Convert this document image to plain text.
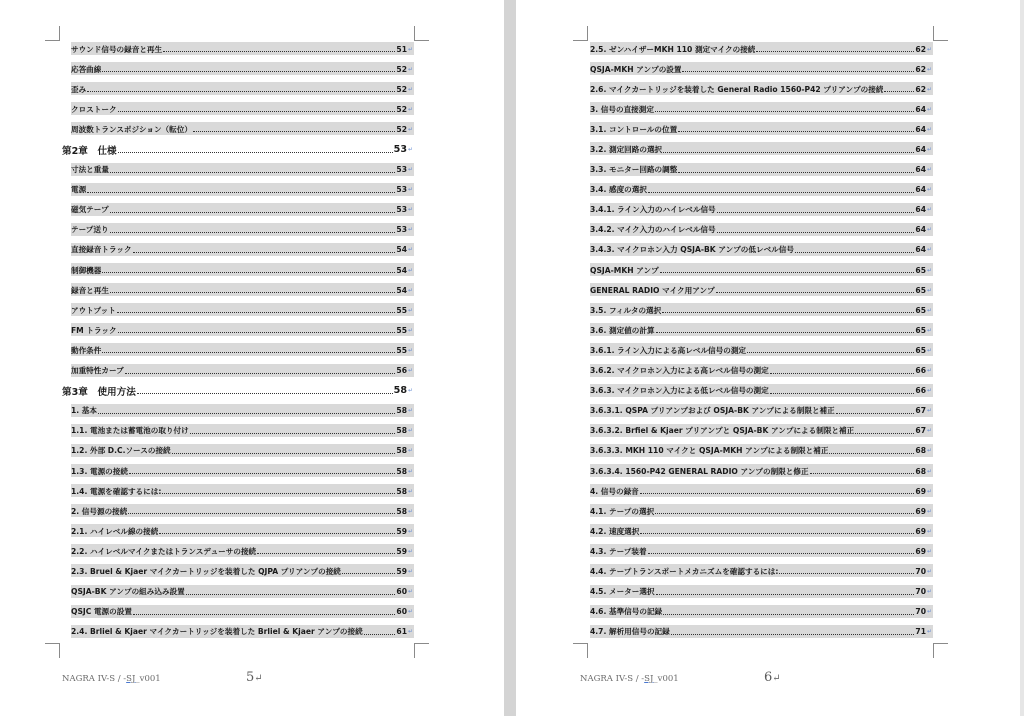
サウンド信号の録音と再生	51 ↵
応答曲線	52 ↵
歪み	52 ↵
クロストーク	52 ↵
周波数トランスポジション（転位）	52 ↵
第2章　仕様	53 ↵
寸法と重量	53 ↵
電源	53 ↵
磁気テープ	53 ↵
テープ送り	53 ↵
直接録音トラック	54 ↵
制御機器	54 ↵
録音と再生	54 ↵
アウトプット	55 ↵
FM トラック	55 ↵
動作条件	55 ↵
加重特性カーブ	56 ↵
第3章　使用方法	58 ↵
1. 基本	58 ↵
1.1. 電池または蓄電池の取り付け	58 ↵
1.2. 外部 D.C.ソースの接続	58 ↵
1.3. 電源の接続	58 ↵
1.4. 電源を確認するには:	58 ↵
2. 信号源の接続	58 ↵
2.1. ハイレベル線の接続	59 ↵
2.2. ハイレベルマイクまたはトランスデューサの接続	59 ↵
2.3. Bruel & Kjaer マイクカートリッジを装着した QJPA プリアンプの接続	59 ↵
QSJA-BK アンプの組み込み設置	60 ↵
QSJC 電源の設置	60 ↵
2.4. Brliel & Kjaer マイクカートリッジを装着した Brliel & Kjaer アンプの接続	61 ↵
NAGRA IV-S / -SJ_v001	5↵
2.5. ゼンハイザーMKH 110 測定マイクの接続	62 ↵
QSJA-MKH アンプの設置	62 ↵
2.6. マイクカートリッジを装着した General Radio 1560-P42 プリアンプの接続	62 ↵
3. 信号の直接測定	64 ↵
3.1. コントロールの位置	64 ↵
3.2. 測定回路の選択	64 ↵
3.3. モニター回路の調整	64 ↵
3.4. 感度の選択	64 ↵
3.4.1. ライン入力のハイレベル信号	64 ↵
3.4.2. マイク入力のハイレベル信号	64 ↵
3.4.3. マイクロホン入力 QSJA-BK アンプの低レベル信号	64 ↵
QSJA-MKH アンプ	65 ↵
GENERAL RADIO マイク用アンプ	65 ↵
3.5. フィルタの選択	65 ↵
3.6. 測定値の計算	65 ↵
3.6.1. ライン入力による高レベル信号の測定	65 ↵
3.6.2. マイクロホン入力による高レベル信号の測定	66 ↵
3.6.3. マイクロホン入力による低レベル信号の測定	66 ↵
3.6.3.1. QSPA プリアンプおよび OSJA-BK アンプによる制限と補正	67 ↵
3.6.3.2. Brfiel & Kjaer プリアンプと QSJA-BK アンプによる制限と補正	67 ↵
3.6.3.3. MKH 110 マイクと QSJA-MKH アンプによる制限と補正	68 ↵
3.6.3.4. 1560-P42 GENERAL RADIO アンプの制限と修正	68 ↵
4. 信号の録音	69 ↵
4.1. テープの選択	69 ↵
4.2. 速度選択	69 ↵
4.3. テープ装着	69 ↵
4.4. テープトランスポートメカニズムを確認するには:	70 ↵
4.5. メーター選択	70 ↵
4.6. 基準信号の記録	70 ↵
4.7. 解析用信号の記録	71 ↵
NAGRA IV-S / -SJ_v001	6↵
